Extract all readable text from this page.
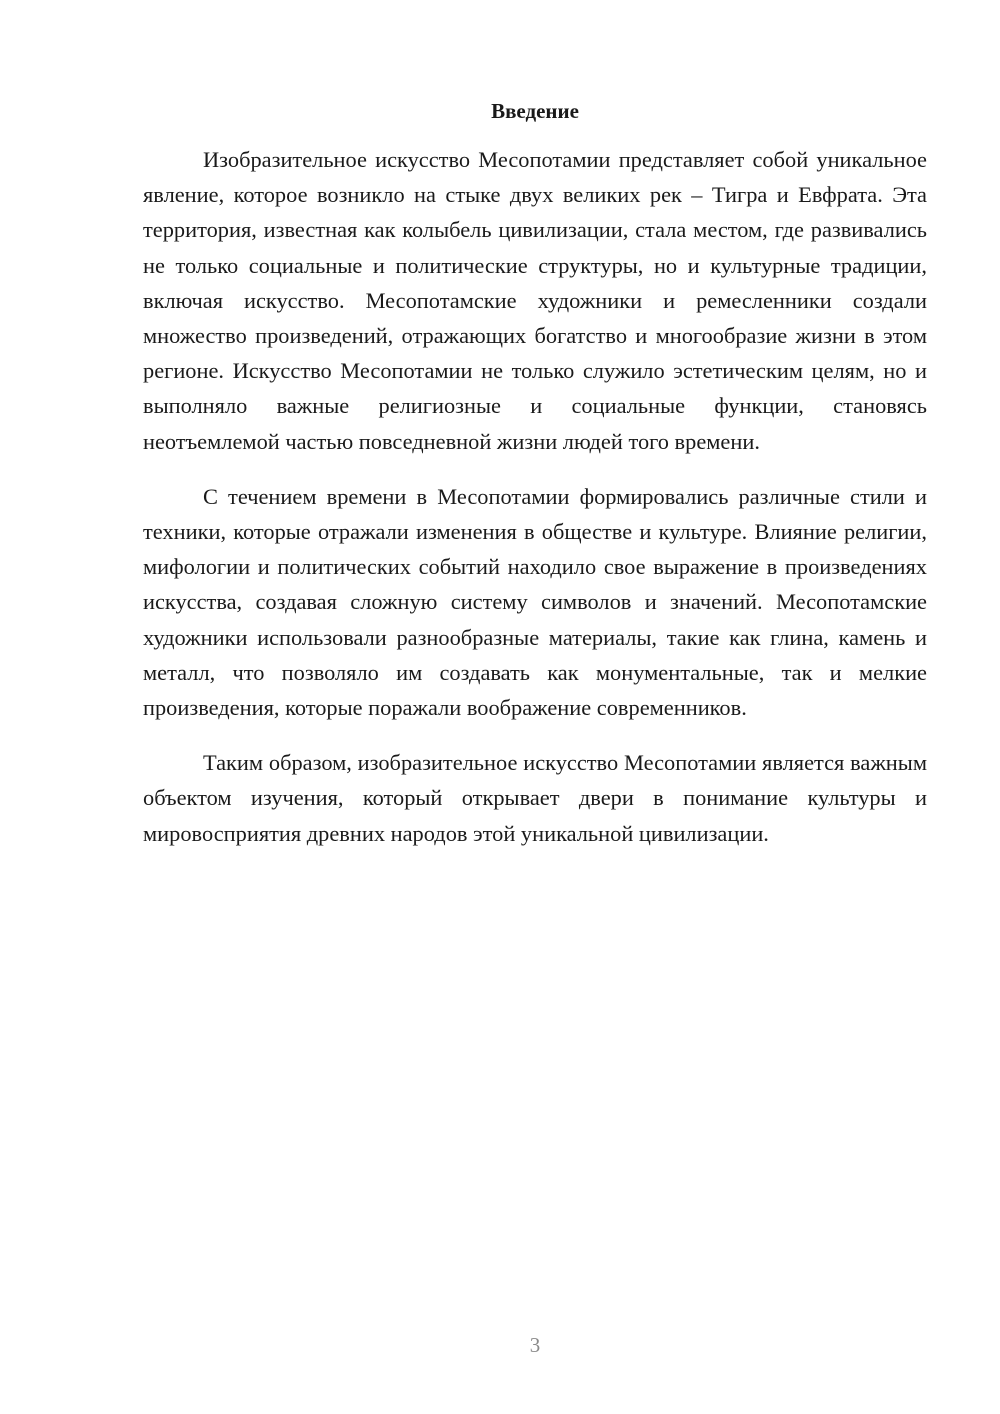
Введение

Изобразительное искусство Месопотамии представляет собой уникальное явление, которое возникло на стыке двух великих рек – Тигра и Евфрата. Эта территория, известная как колыбель цивилизации, стала местом, где развивались не только социальные и политические структуры, но и культурные традиции, включая искусство. Месопотамские художники и ремесленники создали множество произведений, отражающих богатство и многообразие жизни в этом регионе. Искусство Месопотамии не только служило эстетическим целям, но и выполняло важные религиозные и социальные функции, становясь неотъемлемой частью повседневной жизни людей того времени.

С течением времени в Месопотамии формировались различные стили и техники, которые отражали изменения в обществе и культуре. Влияние религии, мифологии и политических событий находило свое выражение в произведениях искусства, создавая сложную систему символов и значений. Месопотамские художники использовали разнообразные материалы, такие как глина, камень и металл, что позволяло им создавать как монументальные, так и мелкие произведения, которые поражали воображение современников.

Таким образом, изобразительное искусство Месопотамии является важным объектом изучения, который открывает двери в понимание культуры и мировосприятия древних народов этой уникальной цивилизации.

3
